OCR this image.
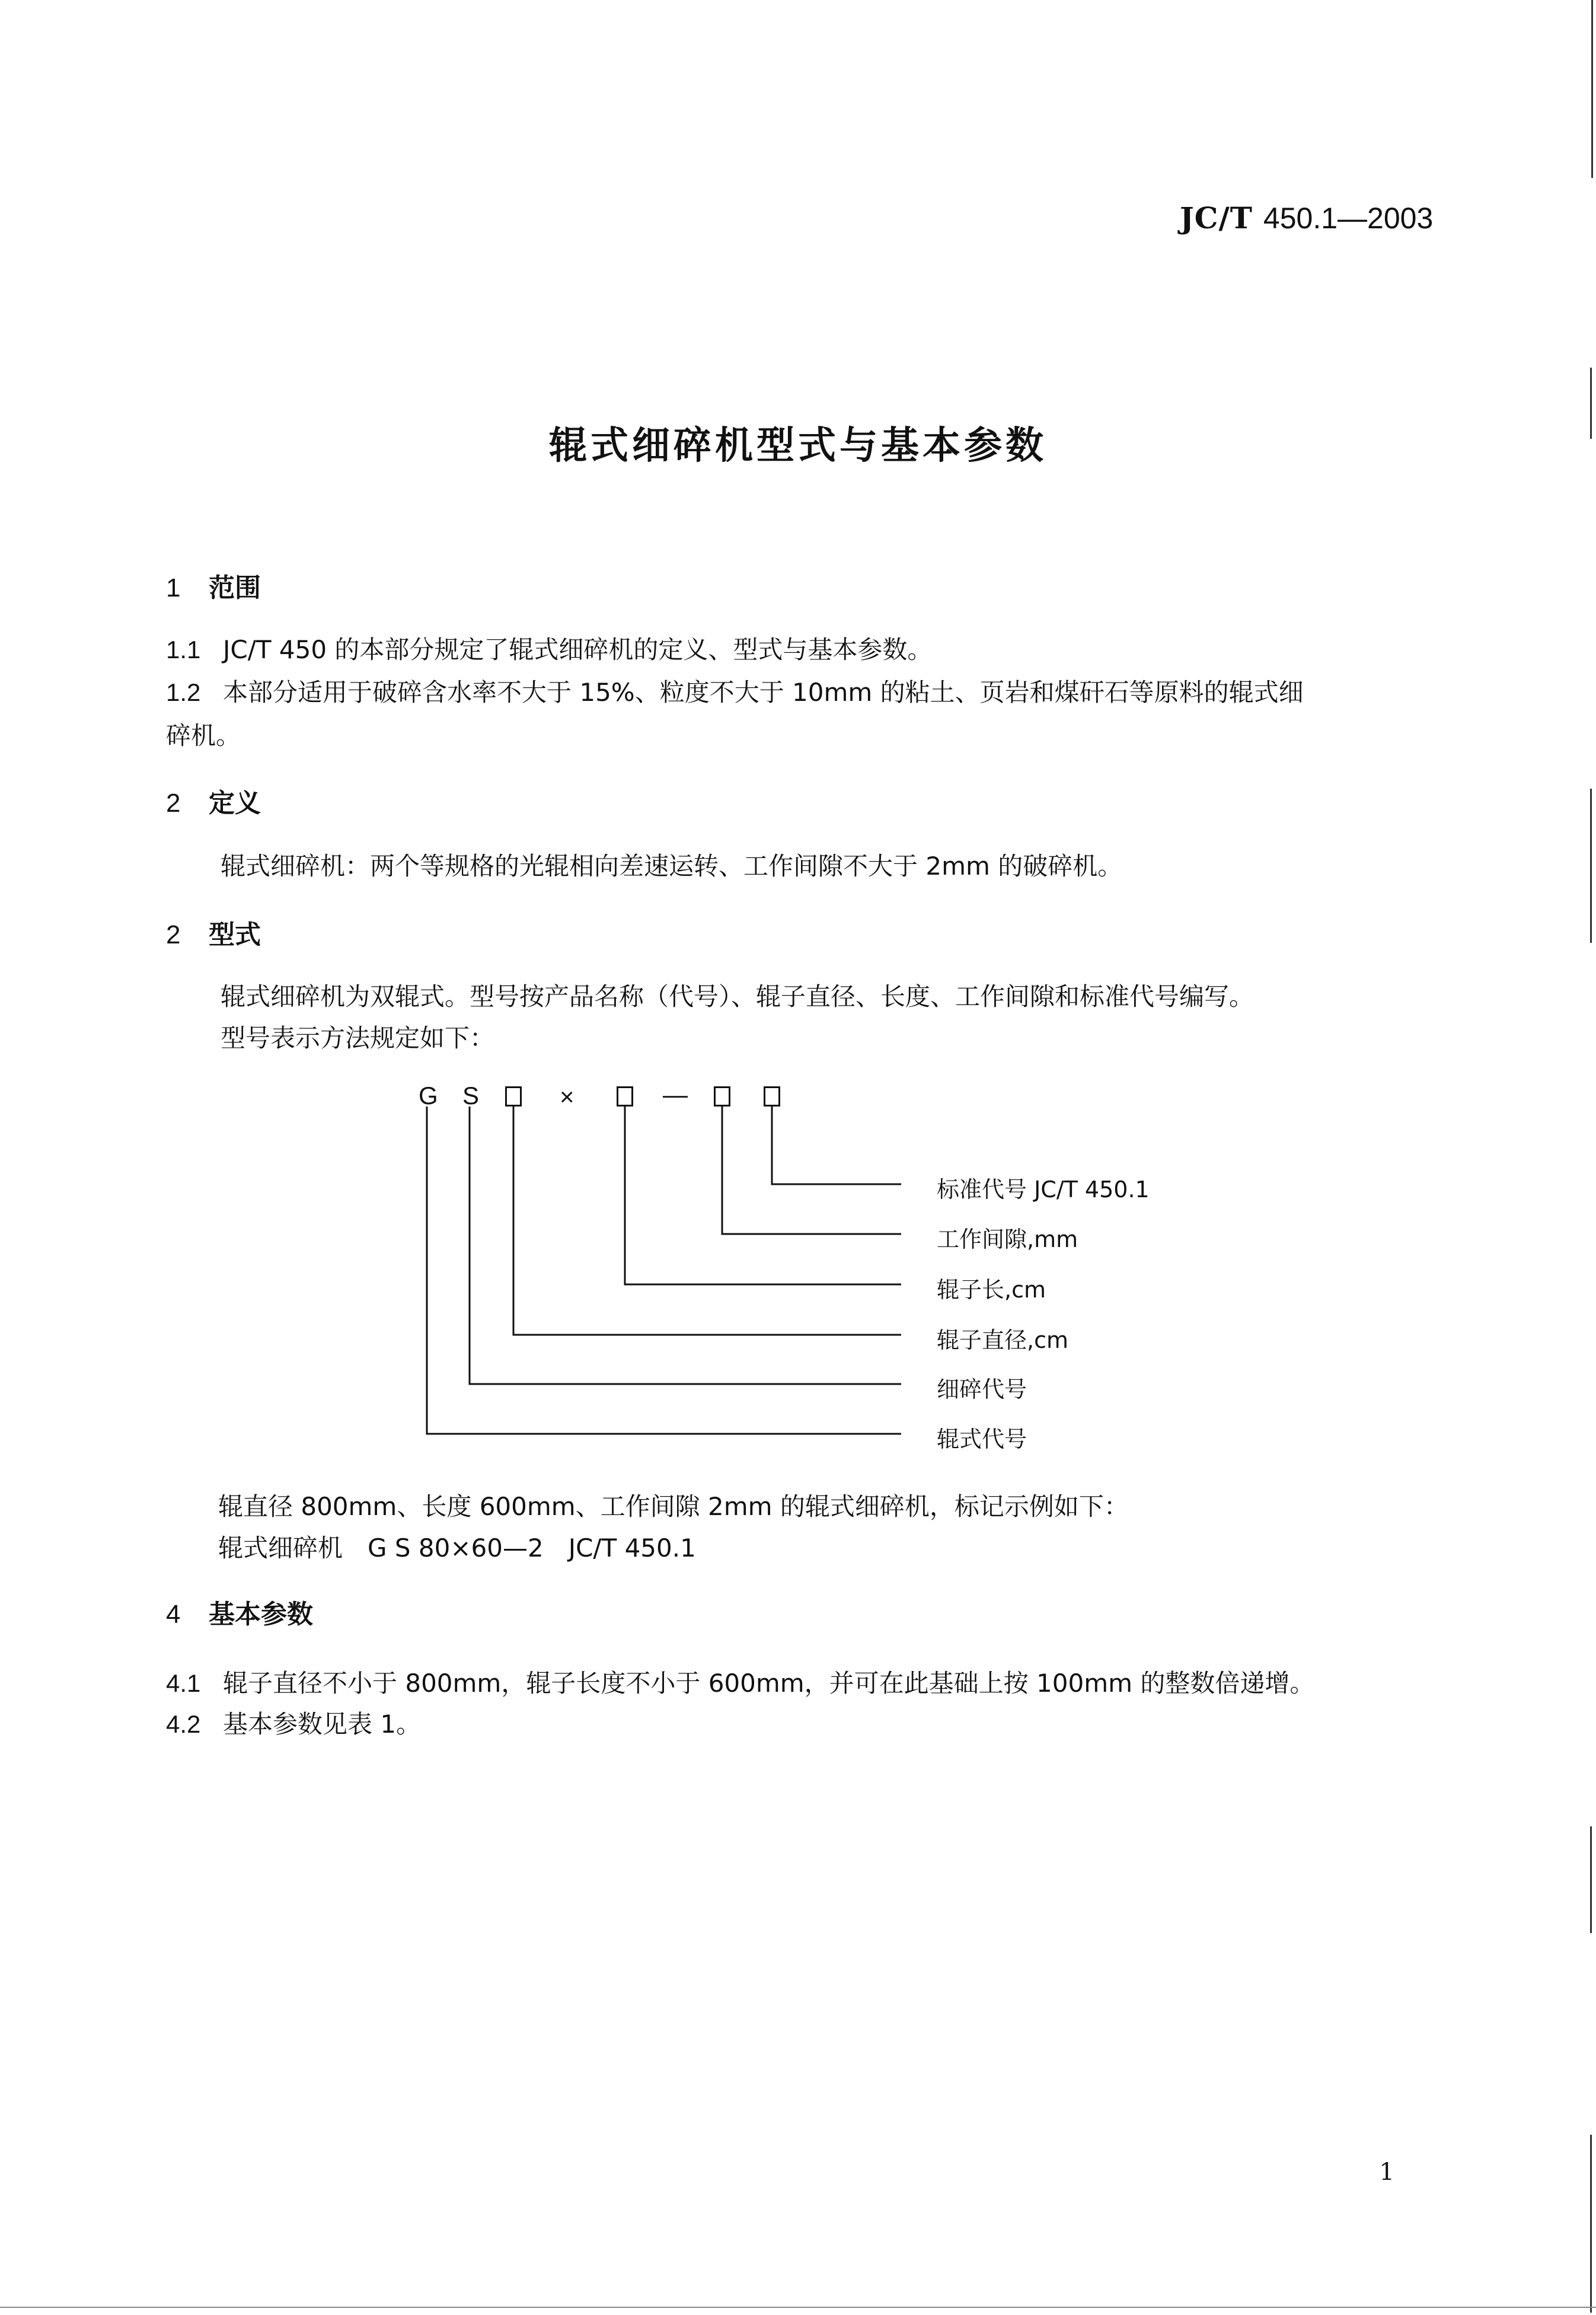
JC/T 450.1—2003
辊式细碎机型式与基本参数
1 范围
1.1 JC/T 450 的本部分规定了辊式细碎机的定义、型式与基本参数。
1.2 本部分适用于破碎含水率不大于 15%、粒度不大于 10mm 的粘土、页岩和煤矸石等原料的辊式细
碎机。
2 定义
辊式细碎机：两个等规格的光辊相向差速运转、工作间隙不大于 2mm 的破碎机。
2 型式
辊式细碎机为双辊式。型号按产品名称（代号）、辊子直径、长度、工作间隙和标准代号编写。
型号表示方法规定如下：
G S	×	—
标准代号 JC/T 450.1
工作间隙,mm
辊子长,cm
辊子直径,cm
细碎代号
辊式代号
辊直径 800mm、长度 600mm、工作间隙 2mm 的辊式细碎机，标记示例如下：
辊式细碎机　G S 80×60—2　JC/T 450.1
4 基本参数
4.1 辊子直径不小于 800mm，辊子长度不小于 600mm，并可在此基础上按 100mm 的整数倍递增。
4.2 基本参数见表 1。
1
